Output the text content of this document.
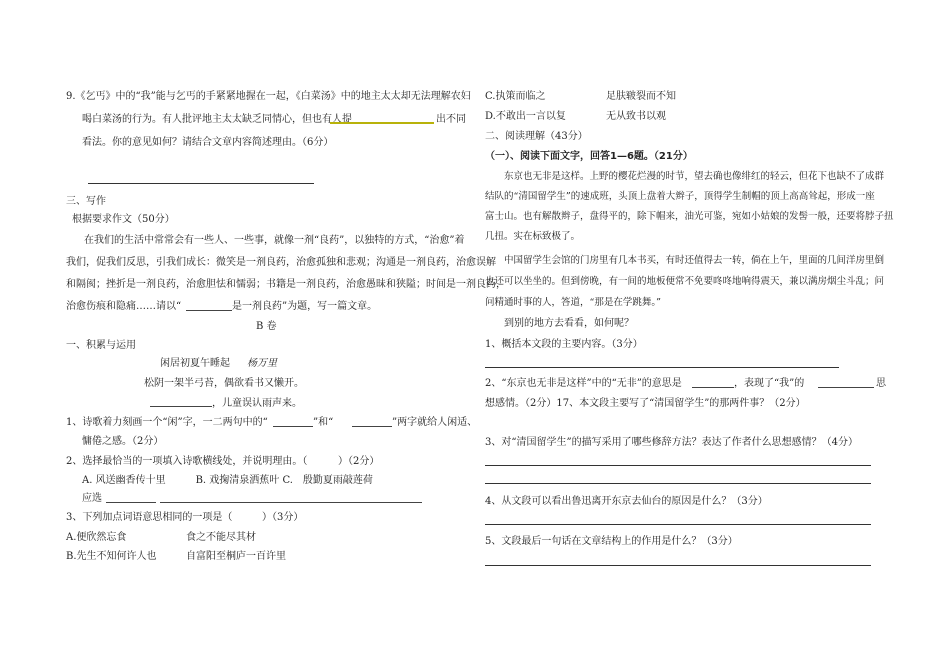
9.《乞丐》中的“我”能与乞丐的手紧紧地握在一起，《白菜汤》中的地主太太却无法理解农妇
喝白菜汤的行为。有人批评地主太太缺乏同情心，但也有人提	出不同
看法。你的意见如何？请结合文章内容简述理由。（6分）
三、写作
根据要求作文（50分）
在我们的生活中常常会有一些人、一些事，就像一剂“良药”，以独特的方式，“治愈”着
我们，促我们反思，引我们成长：微笑是一剂良药，治愈孤独和悲观；沟通是一剂良药，治愈误解
和隔阂；挫折是一剂良药，治愈胆怯和懦弱；书籍是一剂良药，治愈愚昧和狭隘；时间是一剂良药，
治愈伤痕和隐痛……请以“	是一剂良药”为题，写一篇文章。
B 卷
一、积累与运用
闲居初夏午睡起 杨万里
松阴一架半弓苔，偶欲看书又懒开。
，儿童误认雨声来。
1、诗歌着力刻画一个“闲”字，一二两句中的“	”和“	”两字就给人闲适、
慵倦之感。（2分）
2、选择最恰当的一项填入诗歌横线处，并说明理由。（	）（2分）
A. 风送幽香传十里　　　B. 戏掬清泉洒蕉叶 C.　殷勤夏雨敲莲荷
应选
3、下列加点词语意思相同的一项是（	）（3分）
A.便欣然忘食	食之不能尽其材
B.先生不知何许人也	自富阳至桐庐一百许里
C.执策而临之	足肤皲裂而不知
D.不敢出一言以复	无从致书以观
二、阅读理解（43分）
（一）、阅读下面文字，回答1—6题。（21分）
东京也无非是这样。上野的樱花烂漫的时节，望去确也像绯红的轻云，但花下也缺不了成群
结队的“清国留学生”的速成班，头顶上盘着大辫子，顶得学生制帽的顶上高高耸起，形成一座
富士山。也有解散辫子，盘得平的，除下帽来，油光可鉴，宛如小姑娘的发髻一般，还要将脖子扭
几扭。实在标致极了。
中国留学生会馆的门房里有几本书买，有时还值得去一转，倘在上午，里面的几间洋房里倒
也还可以坐坐的。但到傍晚，有一间的地板便常不免要咚咚地响得震天，兼以满房烟尘斗乱；问
问精通时事的人，答道，“那是在学跳舞。”
到别的地方去看看，如何呢？
1、概括本文段的主要内容。（3分）
2、“东京也无非是这样”中的“无非”的意思是	，表现了“我”的	思
想感情。（2分）17、本文段主要写了“清国留学生”的那两件事？（2分）
3、对“清国留学生”的描写采用了哪些修辞方法？表达了作者什么思想感情？（4分）
4、从文段可以看出鲁迅离开东京去仙台的原因是什么？（3分）
5、文段最后一句话在文章结构上的作用是什么？（3分）
